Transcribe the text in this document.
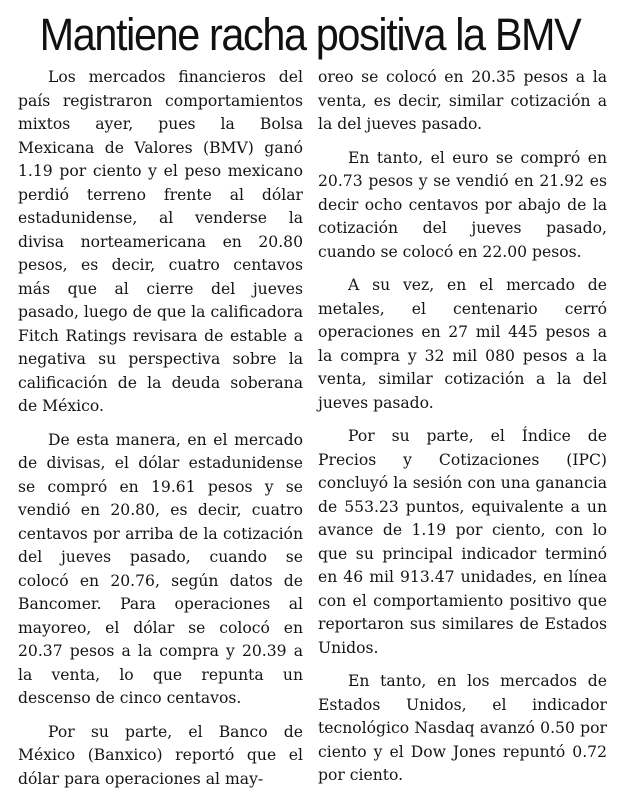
Mantiene racha positiva la BMV

Los mercados financieros del país registraron comportamientos mixtos ayer, pues la Bolsa Mexicana de Valores (BMV) ganó 1.19 por ciento y el peso mexicano perdió terreno frente al dólar estadunidense, al venderse la divisa norteamericana en 20.80 pesos, es decir, cuatro centavos más que al cierre del jueves pasado, luego de que la calificadora Fitch Ratings revisara de estable a negativa su perspectiva sobre la calificación de la deuda soberana de México.

De esta manera, en el mercado de divisas, el dólar estadunidense se compró en 19.61 pesos y se vendió en 20.80, es decir, cuatro centavos por arriba de la cotización del jueves pasado, cuando se colocó en 20.76, según datos de Bancomer. Para operaciones al mayoreo, el dólar se colocó en 20.37 pesos a la compra y 20.39 a la venta, lo que repunta un descenso de cinco centavos.

Por su parte, el Banco de México (Banxico) reportó que el dólar para operaciones al may-

oreo se colocó en 20.35 pesos a la venta, es decir, similar cotización a la del jueves pasado.

En tanto, el euro se compró en 20.73 pesos y se vendió en 21.92 es decir ocho centavos por abajo de la cotización del jueves pasado, cuando se colocó en 22.00 pesos.

A su vez, en el mercado de metales, el centenario cerró operaciones en 27 mil 445 pesos a la compra y 32 mil 080 pesos a la venta, similar cotización a la del jueves pasado.

Por su parte, el Índice de Precios y Cotizaciones (IPC) concluyó la sesión con una ganancia de 553.23 puntos, equivalente a un avance de 1.19 por ciento, con lo que su principal indicador terminó en 46 mil 913.47 unidades, en línea con el comportamiento positivo que reportaron sus similares de Estados Unidos.

En tanto, en los mercados de Estados Unidos, el indicador tecnológico Nasdaq avanzó 0.50 por ciento y el Dow Jones repuntó 0.72 por ciento.
